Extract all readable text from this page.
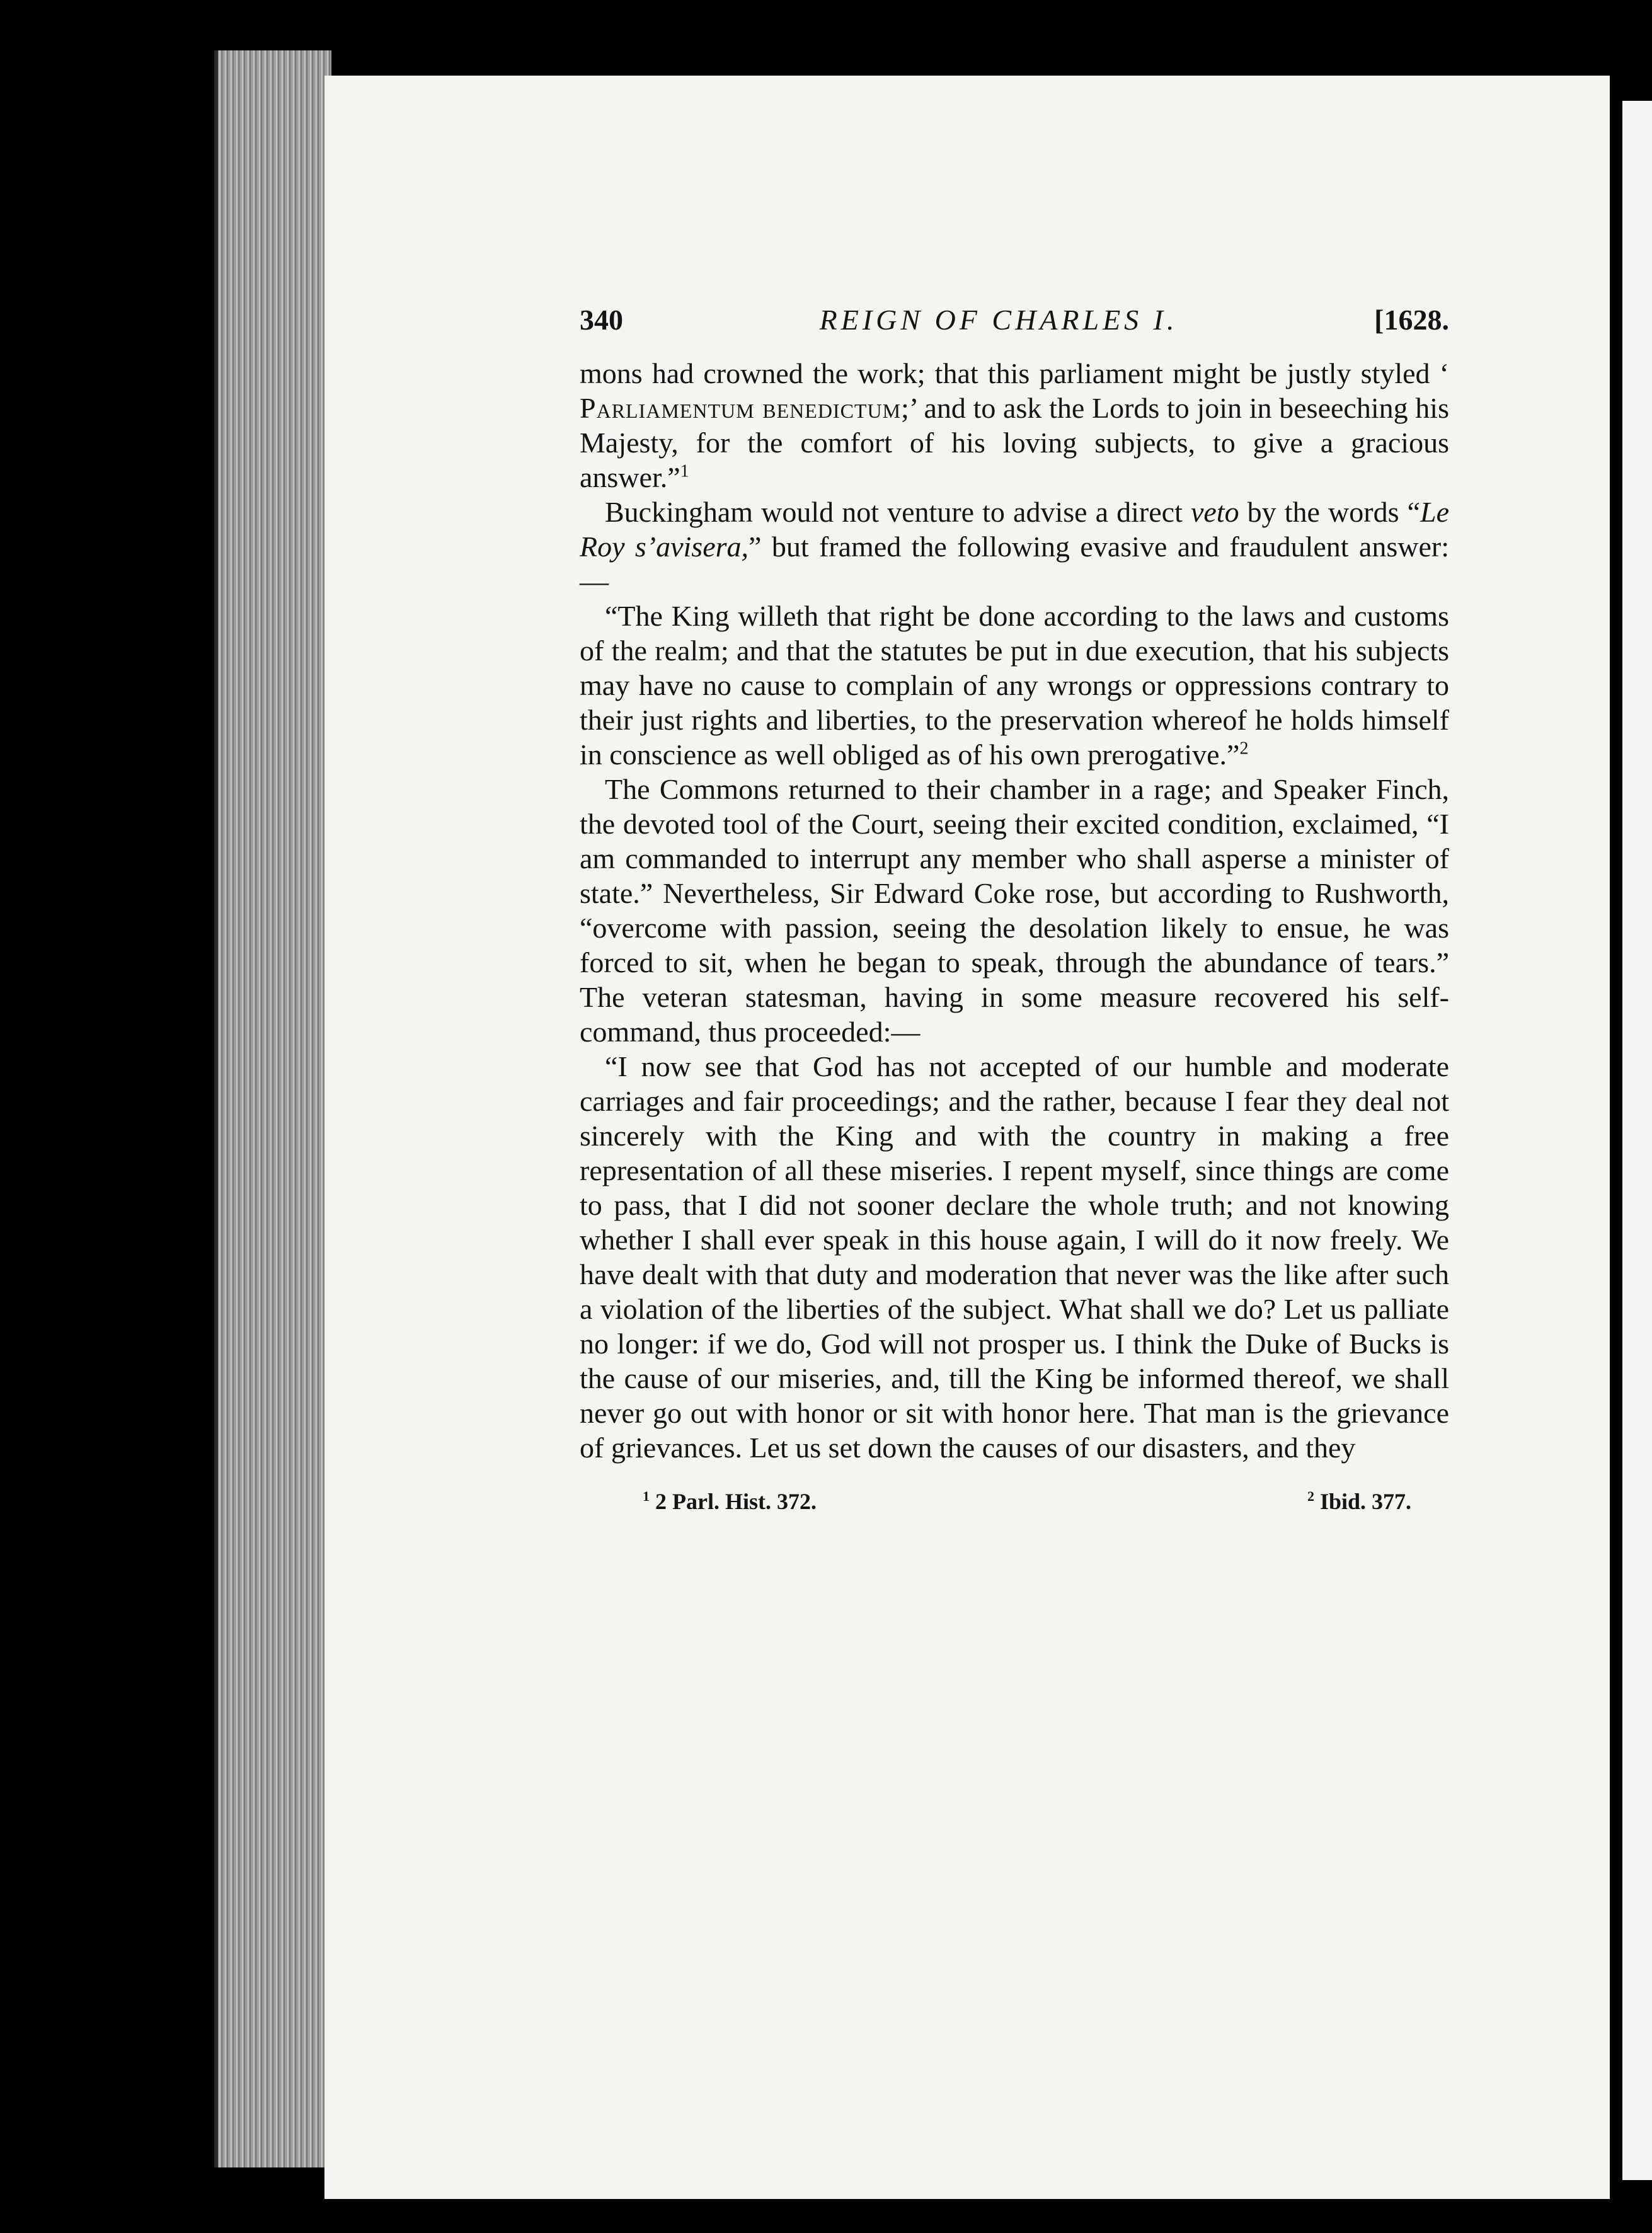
340	REIGN OF CHARLES I.	[1628.

mons had crowned the work; that this parliament might be justly styled ‘ Parliamentum benedictum;’ and to ask the Lords to join in beseeching his Majesty, for the comfort of his loving subjects, to give a gracious answer.”$^1$

Buckingham would not venture to advise a direct veto by the words “Le Roy s’avisera,” but framed the following evasive and fraudulent answer:—

“The King willeth that right be done according to the laws and customs of the realm; and that the statutes be put in due execution, that his subjects may have no cause to complain of any wrongs or oppressions contrary to their just rights and liberties, to the preservation whereof he holds himself in conscience as well obliged as of his own prerogative.”$^2$

The Commons returned to their chamber in a rage; and Speaker Finch, the devoted tool of the Court, seeing their excited condition, exclaimed, “I am commanded to interrupt any member who shall asperse a minister of state.” Nevertheless, Sir Edward Coke rose, but according to Rushworth, “overcome with passion, seeing the desolation likely to ensue, he was forced to sit, when he began to speak, through the abundance of tears.” The veteran statesman, having in some measure recovered his self-command, thus proceeded:—

“I now see that God has not accepted of our humble and moderate carriages and fair proceedings; and the rather, because I fear they deal not sincerely with the King and with the country in making a free representation of all these miseries. I repent myself, since things are come to pass, that I did not sooner declare the whole truth; and not knowing whether I shall ever speak in this house again, I will do it now freely. We have dealt with that duty and moderation that never was the like after such a violation of the liberties of the subject. What shall we do? Let us palliate no longer: if we do, God will not prosper us. I think the Duke of Bucks is the cause of our miseries, and, till the King be informed thereof, we shall never go out with honor or sit with honor here. That man is the grievance of grievances. Let us set down the causes of our disasters, and they

$^1$ 2 Parl. Hist. 372.	$^2$ Ibid. 377.
